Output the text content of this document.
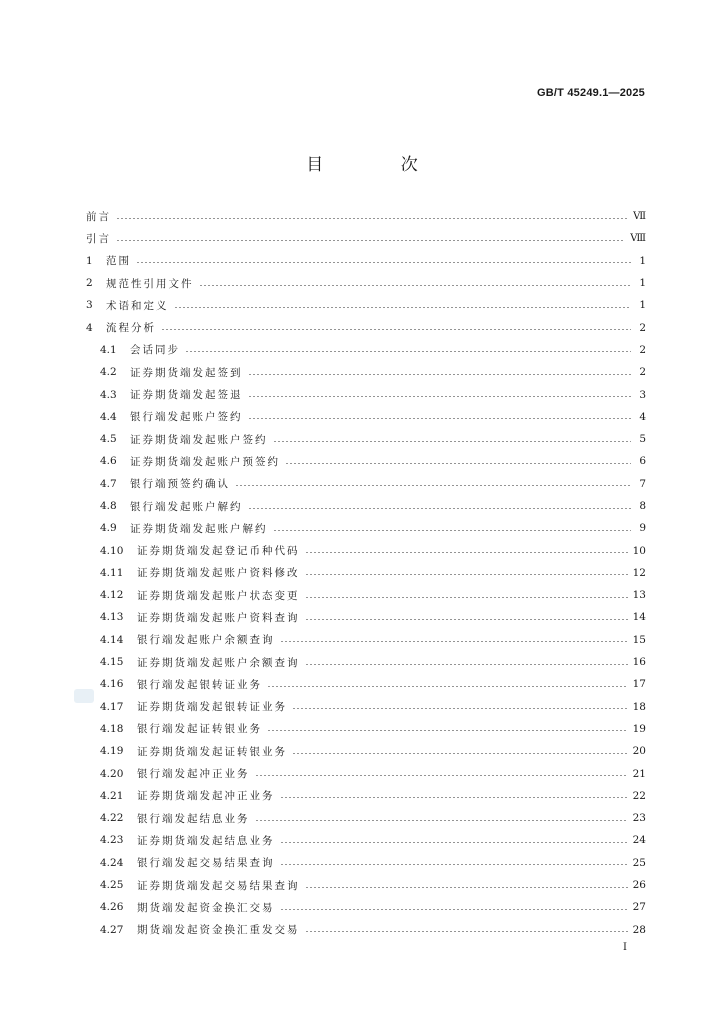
GB/T 45249.1—2025
目 次
前言	Ⅶ
引言	Ⅷ
1	范围	1
2	规范性引用文件	1
3	术语和定义	1
4	流程分析	2
4.1	会话同步	2
4.2	证券期货端发起签到	2
4.3	证券期货端发起签退	3
4.4	银行端发起账户签约	4
4.5	证券期货端发起账户签约	5
4.6	证券期货端发起账户预签约	6
4.7	银行端预签约确认	7
4.8	银行端发起账户解约	8
4.9	证券期货端发起账户解约	9
4.10	证券期货端发起登记币种代码	10
4.11	证券期货端发起账户资料修改	12
4.12	证券期货端发起账户状态变更	13
4.13	证券期货端发起账户资料查询	14
4.14	银行端发起账户余额查询	15
4.15	证券期货端发起账户余额查询	16
4.16	银行端发起银转证业务	17
4.17	证券期货端发起银转证业务	18
4.18	银行端发起证转银业务	19
4.19	证券期货端发起证转银业务	20
4.20	银行端发起冲正业务	21
4.21	证券期货端发起冲正业务	22
4.22	银行端发起结息业务	23
4.23	证券期货端发起结息业务	24
4.24	银行端发起交易结果查询	25
4.25	证券期货端发起交易结果查询	26
4.26	期货端发起资金换汇交易	27
4.27	期货端发起资金换汇重发交易	28
I
